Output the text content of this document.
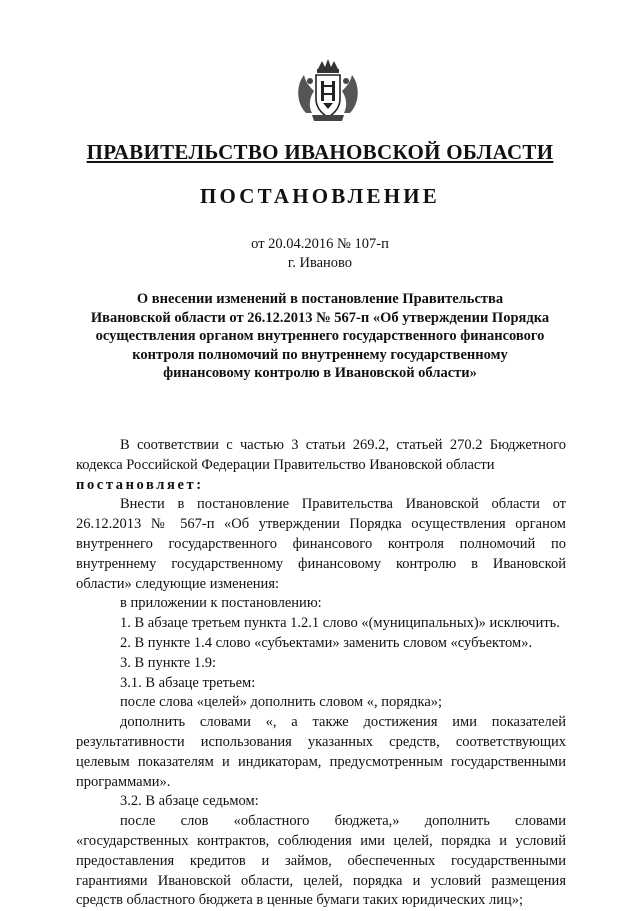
ПРАВИТЕЛЬСТВО ИВАНОВСКОЙ ОБЛАСТИ
ПОСТАНОВЛЕНИЕ
от 20.04.2016 № 107-п
г. Иваново
О внесении изменений в постановление Правительства
Ивановской области от 26.12.2013 № 567-п «Об утверждении Порядка
осуществления органом внутреннего государственного финансового
контроля полномочий по внутреннему государственному
финансовому контролю в Ивановской области»

В соответствии с частью 3 статьи 269.2, статьей 270.2 Бюджетного кодекса Российской Федерации Правительство Ивановской области

постановляет:

Внести в постановление Правительства Ивановской области от 26.12.2013 № 567-п «Об утверждении Порядка осуществления органом внутреннего государственного финансового контроля полномочий по внутреннему государственному финансовому контролю в Ивановской области» следующие изменения:

в приложении к постановлению:

1. В абзаце третьем пункта 1.2.1 слово «(муниципальных)» исключить.

2. В пункте 1.4 слово «субъектами» заменить словом «субъектом».

3. В пункте 1.9:

3.1. В абзаце третьем:

после слова «целей» дополнить словом «, порядка»;

дополнить словами «, а также достижения ими показателей результативности использования указанных средств, соответствующих целевым показателям и индикаторам, предусмотренным государственными программами».

3.2. В абзаце седьмом:

после слов «областного бюджета,» дополнить словами «государственных контрактов, соблюдения ими целей, порядка и условий предоставления кредитов и займов, обеспеченных государственными гарантиями Ивановской области, целей, порядка и условий размещения средств областного бюджета в ценные бумаги таких юридических лиц»;
